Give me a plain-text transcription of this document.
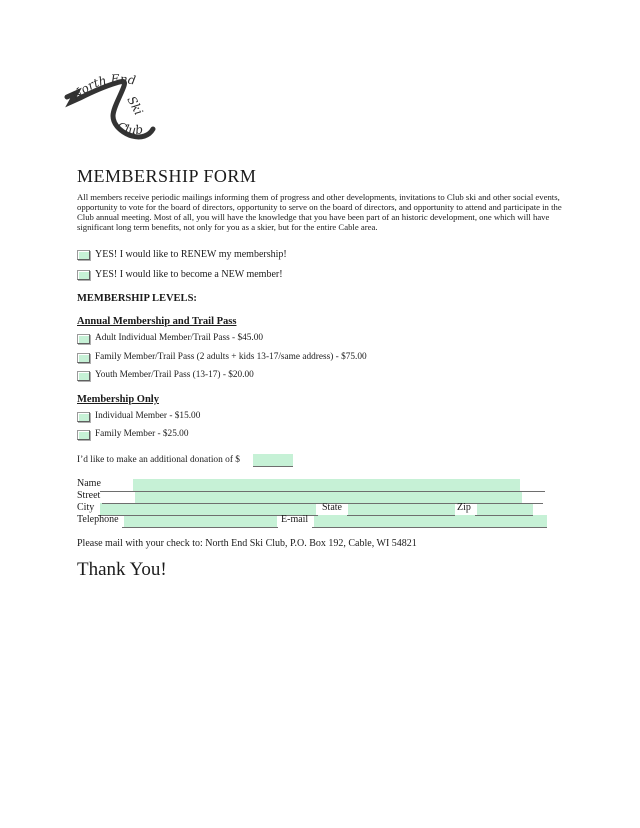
North End
Ski
Club
MEMBERSHIP FORM

All members receive periodic mailings informing them of progress and other developments, invitations to Club ski and other social events, opportunity to vote for the board of directors, opportunity to serve on the board of directors, and opportunity to attend and participate in the Club annual meeting. Most of all, you will have the knowledge that you have been part of an historic development, one which will have significant long term benefits, not only for you as a skier, but for the entire Cable area.

YES! I would like to RENEW my membership!
YES! I would like to become a NEW member!
MEMBERSHIP LEVELS:
Annual Membership and Trail Pass
Adult Individual Member/Trail Pass - $45.00
Family Member/Trail Pass (2 adults + kids 13-17/same address) - $75.00
Youth Member/Trail Pass (13-17) - $20.00
Membership Only
Individual Member - $15.00
Family Member - $25.00
I’d like to make an additional donation of $
Name
Street
City	State	Zip
Telephone	E-mail
Please mail with your check to: North End Ski Club, P.O. Box 192, Cable, WI 54821
Thank You!
